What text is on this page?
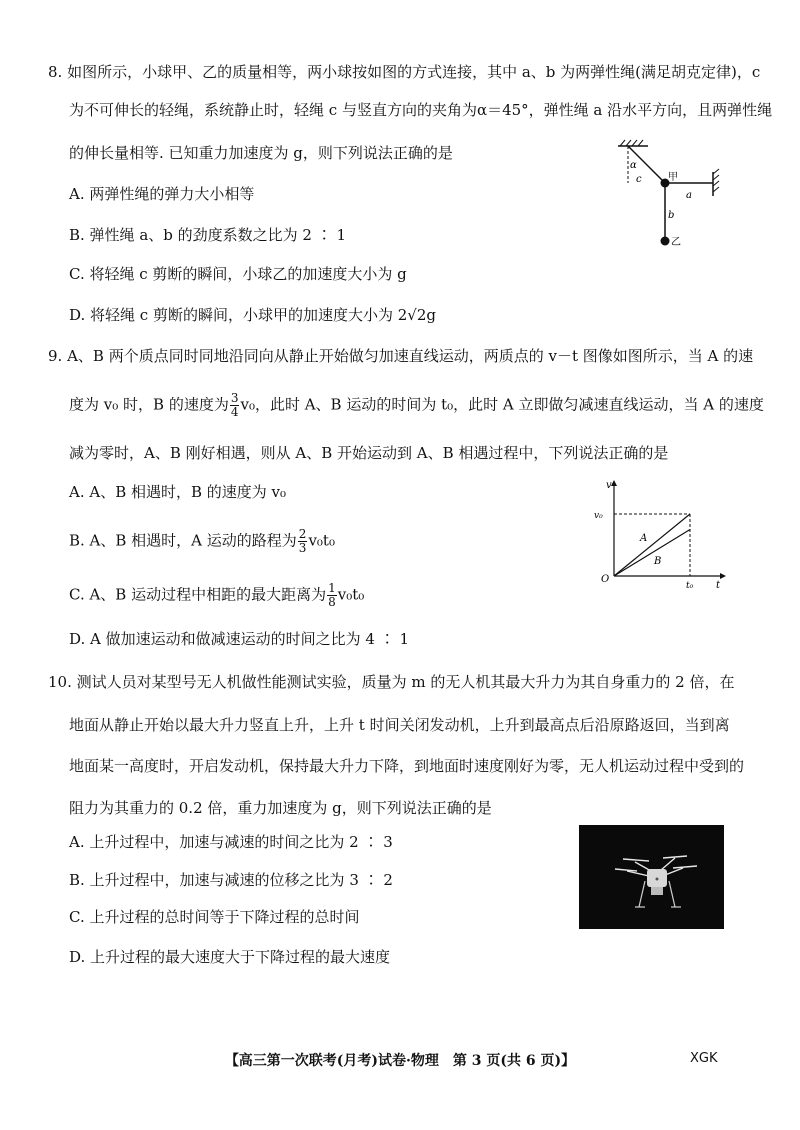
8. 如图所示，小球甲、乙的质量相等，两小球按如图的方式连接，其中 a、b 为两弹性绳(满足胡克定律)，c
为不可伸长的轻绳，系统静止时，轻绳 c 与竖直方向的夹角为α＝45°，弹性绳 a 沿水平方向，且两弹性绳
的伸长量相等. 已知重力加速度为 g，则下列说法正确的是
A. 两弹性绳的弹力大小相等
B. 弹性绳 a、b 的劲度系数之比为 2 ∶ 1
C. 将轻绳 c 剪断的瞬间，小球乙的加速度大小为 g
D. 将轻绳 c 剪断的瞬间，小球甲的加速度大小为 2√2g
α
c	甲
a
b
乙
9. A、B 两个质点同时同地沿同向从静止开始做匀加速直线运动，两质点的 v－t 图像如图所示，当 A 的速
度为 v₀ 时，B 的速度为 $\frac{3}{4} v_0$，此时 A、B 运动的时间为 t₀，此时 A 立即做匀减速直线运动，当 A 的速度
减为零时，A、B 刚好相遇，则从 A、B 开始运动到 A、B 相遇过程中，下列说法正确的是
A. A、B 相遇时，B 的速度为 v₀
B. A、B 相遇时，A 运动的路程为 $\frac{2}{3} v_0t_0$
C. A、B 运动过程中相距的最大距离为 $\frac{1}{8} v_0t_0$
D. A 做加速运动和做减速运动的时间之比为 4 ∶ 1
v
v₀
A
B
O
t₀ t
10. 测试人员对某型号无人机做性能测试实验，质量为 m 的无人机其最大升力为其自身重力的 2 倍，在
地面从静止开始以最大升力竖直上升，上升 t 时间关闭发动机，上升到最高点后沿原路返回，当到离
地面某一高度时，开启发动机，保持最大升力下降，到地面时速度刚好为零，无人机运动过程中受到的
阻力为其重力的 0.2 倍，重力加速度为 g，则下列说法正确的是
A. 上升过程中，加速与减速的时间之比为 2 ∶ 3
B. 上升过程中，加速与减速的位移之比为 3 ∶ 2
C. 上升过程的总时间等于下降过程的总时间
D. 上升过程的最大速度大于下降过程的最大速度
【高三第一次联考(月考)试卷·物理　第 3 页(共 6 页)】	XGK
